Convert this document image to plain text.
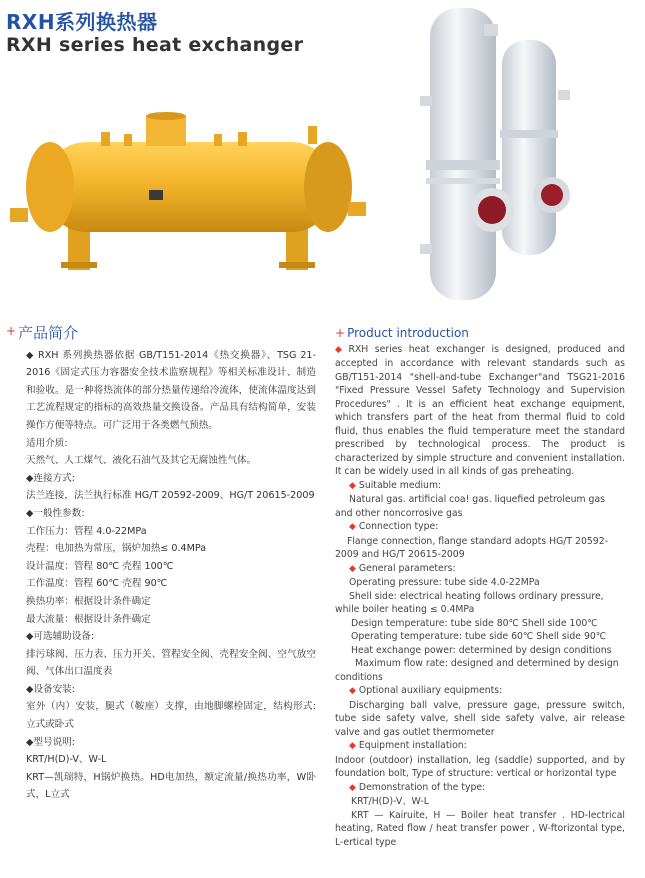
RXH系列换热器
RXH series heat exchanger
+ 产品简介

◆ RXH 系列换热器依据 GB/T151-2014《热交换器》、TSG 21-2016《固定式压力容器安全技术监察规程》等相关标准设计、制造和验收。是一种将热流体的部分热量传递给冷流体，使流体温度达到工艺流程规定的指标的高效热量交换设备。产品具有结构简单，安装操作方便等特点。可广泛用于各类燃气预热。

适用介质:

天然气、人工煤气、液化石油气及其它无腐蚀性气体。

◆连接方式:

法兰连接，法兰执行标准 HG/T 20592-2009、HG/T 20615-2009

◆一般性参数:

工作压力：管程 4.0-22MPa

壳程：电加热为常压，锅炉加热≤ 0.4MPa

设计温度：管程 80℃ 壳程 100℃

工作温度：管程 60℃ 壳程 90℃

换热功率：根据设计条件确定

最大流量：根据设计条件确定

◆可选辅助设备:

排污球阀、压力表、压力开关、管程安全阀、壳程安全阀、空气放空阀、气体出口温度表

◆设备安装:

室外（内）安装，腿式（鞍座）支撑，由地脚螺栓固定，结构形式:立式或卧式

◆型号说明:

KRT/H(D)-V、W-L

KRT—凯瑞特，H锅炉换热。HD电加热，额定流量/换热功率，W卧式，L立式

+ Product introduction

◆ RXH series heat exchanger is designed, produced and accepted in accordance with relevant standards such as GB/T151-2014 "shell-and-tube Exchanger"and TSG21-2016 "Fixed Pressure Vessel Safety Technology and Supervision Procedures" . It is an efficient heat exchange equipment, which transfers part of the heat from thermal fluid to cold fluid, thus enables the fluid temperature meet the standard prescribed by technological process. The product is characterized by simple structure and convenient installation. It can be widely used in all kinds of gas preheating.

◆ Suitable medium:

Natural gas. artificial coa! gas. liquefied petroleum gas and other noncorrosive gas

◆ Connection type:

Flange connection, flange standard adopts HG/T 20592-2009 and HG/T 20615-2009

◆ General parameters:

Operating pressure: tube side 4.0-22MPa

Shell side: electrical heating follows ordinary pressure, while boiler heating ≤ 0.4MPa

Design temperature: tube side 80℃ Shell side 100℃

Operating temperature: tube side 60℃ Shell side 90℃

Heat exchange power: determined by design conditions

Maximum flow rate: designed and determined by design conditions

◆ Optional auxiliary equipments:

Discharging ball valve, pressure gage, pressure switch, tube side safety valve, shell side safety valve, air release valve and gas outlet thermometer

◆ Equipment installation:

Indoor (outdoor) installation, leg (saddle) supported, and by foundation bolt, Type of structure: vertical or horizontal type

◆ Demonstration of the type:

KRT/H(D)-V、W-L

KRT — Kairuite, H — Boiler heat transfer . HD-lectrical heating, Rated flow / heat transfer power , W-ftorizontal type, L-ertical type
